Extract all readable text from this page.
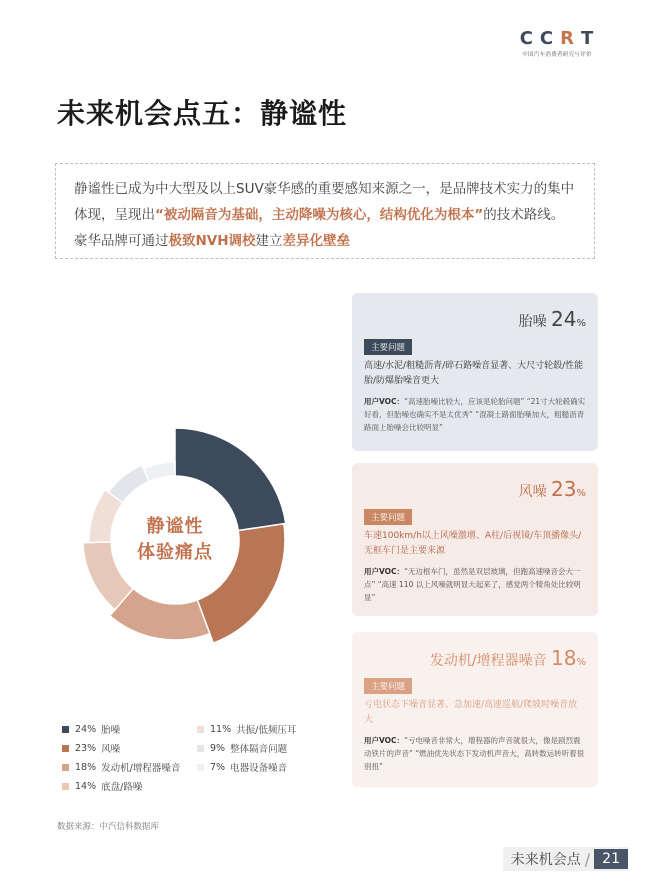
C C R T
中国汽车消费者研究与评价
未来机会点五：静谧性
静谧性已成为中大型及以上SUV豪华感的重要感知来源之一，是品牌技术实力的集中体现，呈现出“被动隔音为基础，主动降噪为核心，结构优化为根本”的技术路线。豪华品牌可通过极致NVH调校建立差异化壁垒
静谧性
体验痛点
24% 胎噪	11% 共振/低频压耳
23% 风噪	9% 整体隔音问题
18% 发动机/增程器噪音	7% 电器设备噪音
14% 底盘/路噪
数据来源：中汽信科数据库
胎噪 24%
主要问题
高速/水泥/粗糙沥青/碎石路噪音显著、大尺寸轮毂/性能胎/防爆胎噪音更大
用户VOC：“高速胎噪比较大，应该是轮胎问题” “21寸大轮毂确实好看，但胎噪也确实不是太优秀” “混凝土路面胎噪加大，粗糙沥青路面上胎噪会比较明显”
风噪 23%
主要问题
车速100km/h以上风噪激增、A柱/后视镜/车顶播像头/无框车门是主要来源
用户VOC：“无边框车门，虽然是双层玻璃，但跑高速噪音会大一点” “高速 110 以上风噪就明显大起来了，感觉两个犄角处比较明显”
发动机/增程器噪音 18%
主要问题
亏电状态下噪音显著、急加速/高速巡航/爬坡时噪音放大
用户VOC：“亏电噪音非常大，增程器的声音就很大，像是剧烈震动铁片的声音” “燃油优先状态下发动机声音大，高转数运转听着很别扭”
未来机会点 / 21
